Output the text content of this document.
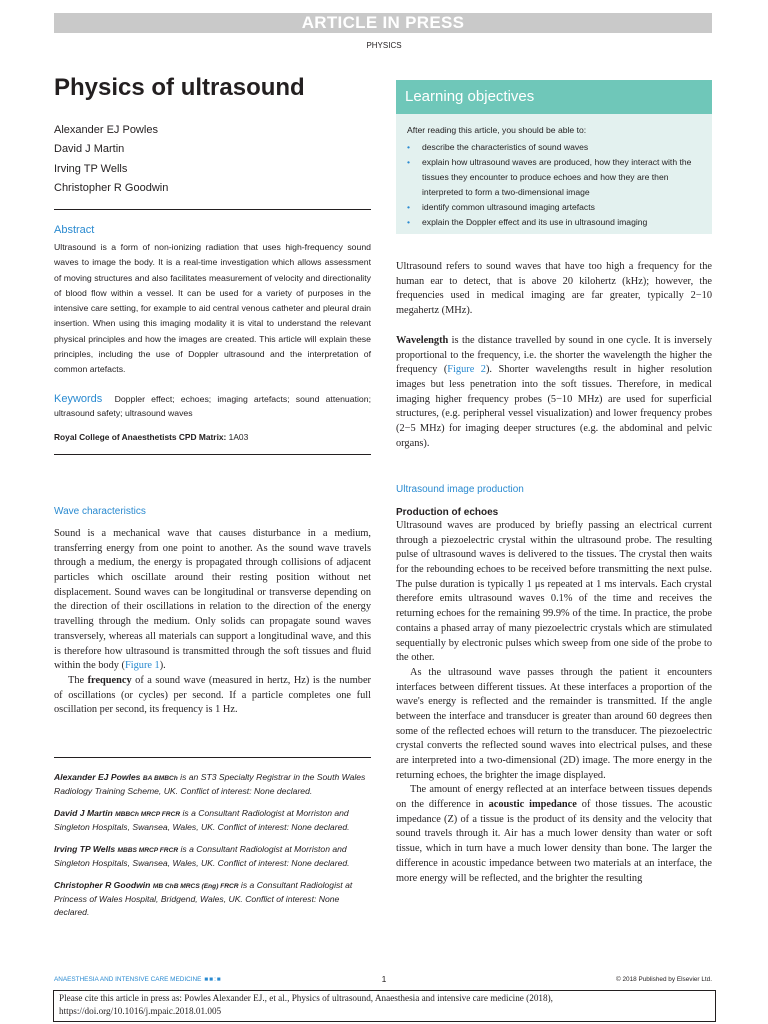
ARTICLE IN PRESS
PHYSICS
Physics of ultrasound
Alexander EJ Powles
David J Martin
Irving TP Wells
Christopher R Goodwin
Learning objectives
After reading this article, you should be able to:
• describe the characteristics of sound waves
• explain how ultrasound waves are produced, how they interact with the tissues they encounter to produce echoes and how they are then interpreted to form a two-dimensional image
• identify common ultrasound imaging artefacts
• explain the Doppler effect and its use in ultrasound imaging
Abstract
Ultrasound is a form of non-ionizing radiation that uses high-frequency sound waves to image the body. It is a real-time investigation which allows assessment of moving structures and also facilitates measurement of velocity and directionality of blood flow within a vessel. It can be used for a variety of purposes in the intensive care setting, for example to aid central venous catheter and pleural drain insertion. When using this imaging modality it is vital to understand the relevant physical principles and how the images are created. This article will explain these principles, including the use of Doppler ultrasound and the interpretation of common artefacts.
Keywords Doppler effect; echoes; imaging artefacts; sound attenuation; ultrasound safety; ultrasound waves
Royal College of Anaesthetists CPD Matrix: 1A03
Wave characteristics

Sound is a mechanical wave that causes disturbance in a medium, transferring energy from one point to another. As the sound wave travels through a medium, the energy is propagated through collisions of adjacent particles which oscillate around their resting position without net displacement. Sound waves can be longitudinal or transverse depending on the direction of their oscillations in relation to the direction of the energy travelling through the medium. Only solids can propagate sound waves transversely, whereas all materials can support a longitudinal wave, and this is therefore how ultrasound is transmitted through the soft tissues and fluid within the body (Figure 1).

The frequency of a sound wave (measured in hertz, Hz) is the number of oscillations (or cycles) per second. If a particle completes one full oscillation per second, its frequency is 1 Hz.

Alexander EJ Powles BA BMBCh is an ST3 Specialty Registrar in the South Wales Radiology Training Scheme, UK. Conflict of interest: None declared.

David J Martin MBBCh MRCP FRCR is a Consultant Radiologist at Morriston and Singleton Hospitals, Swansea, Wales, UK. Conflict of interest: None declared.

Irving TP Wells MBBS MRCP FRCR is a Consultant Radiologist at Morriston and Singleton Hospitals, Swansea, Wales, UK. Conflict of interest: None declared.

Christopher R Goodwin MB ChB MRCS (Eng) FRCR is a Consultant Radiologist at Princess of Wales Hospital, Bridgend, Wales, UK. Conflict of interest: None declared.

Ultrasound refers to sound waves that have too high a frequency for the human ear to detect, that is above 20 kilohertz (kHz); however, the frequencies used in medical imaging are far greater, typically 2−10 megahertz (MHz).

Wavelength is the distance travelled by sound in one cycle. It is inversely proportional to the frequency, i.e. the shorter the wavelength the higher the frequency (Figure 2). Shorter wavelengths result in higher resolution images but less penetration into the soft tissues. Therefore, in medical imaging higher frequency probes (5−10 MHz) are used for superficial structures, (e.g. peripheral vessel visualization) and lower frequency probes (2−5 MHz) for imaging deeper structures (e.g. the abdominal and pelvic organs).

Ultrasound image production
Production of echoes

Ultrasound waves are produced by briefly passing an electrical current through a piezoelectric crystal within the ultrasound probe. The resulting pulse of ultrasound waves is delivered to the tissues. The crystal then waits for the rebounding echoes to be received before transmitting the next pulse. The pulse duration is typically 1 μs repeated at 1 ms intervals. Each crystal therefore emits ultrasound waves 0.1% of the time and receives the returning echoes for the remaining 99.9% of the time. In practice, the probe contains a phased array of many piezoelectric crystals which are stimulated sequentially by electronic pulses which sweep from one side of the probe to the other.

As the ultrasound wave passes through the patient it encounters interfaces between different tissues. At these interfaces a proportion of the wave's energy is reflected and the remainder is transmitted. If the angle between the interface and transducer is greater than around 60 degrees then some of the reflected echoes will return to the transducer. The piezoelectric crystal converts the reflected sound waves into electrical pulses, and these are interpreted into a two-dimensional (2D) image. The more energy in the returning echoes, the brighter the image displayed.

The amount of energy reflected at an interface between tissues depends on the difference in acoustic impedance of those tissues. The acoustic impedance (Z) of a tissue is the product of its density and the velocity that sound travels through it. Air has a much lower density than water or soft tissue, which in turn have a much lower density than bone. The larger the difference in acoustic impedance between two materials at an interface, the more energy will be reflected, and the brighter the resulting

ANAESTHESIA AND INTENSIVE CARE MEDICINE ■■:■	1	© 2018 Published by Elsevier Ltd.
Please cite this article in press as: Powles Alexander EJ., et al., Physics of ultrasound, Anaesthesia and intensive care medicine (2018), https://doi.org/10.1016/j.mpaic.2018.01.005
